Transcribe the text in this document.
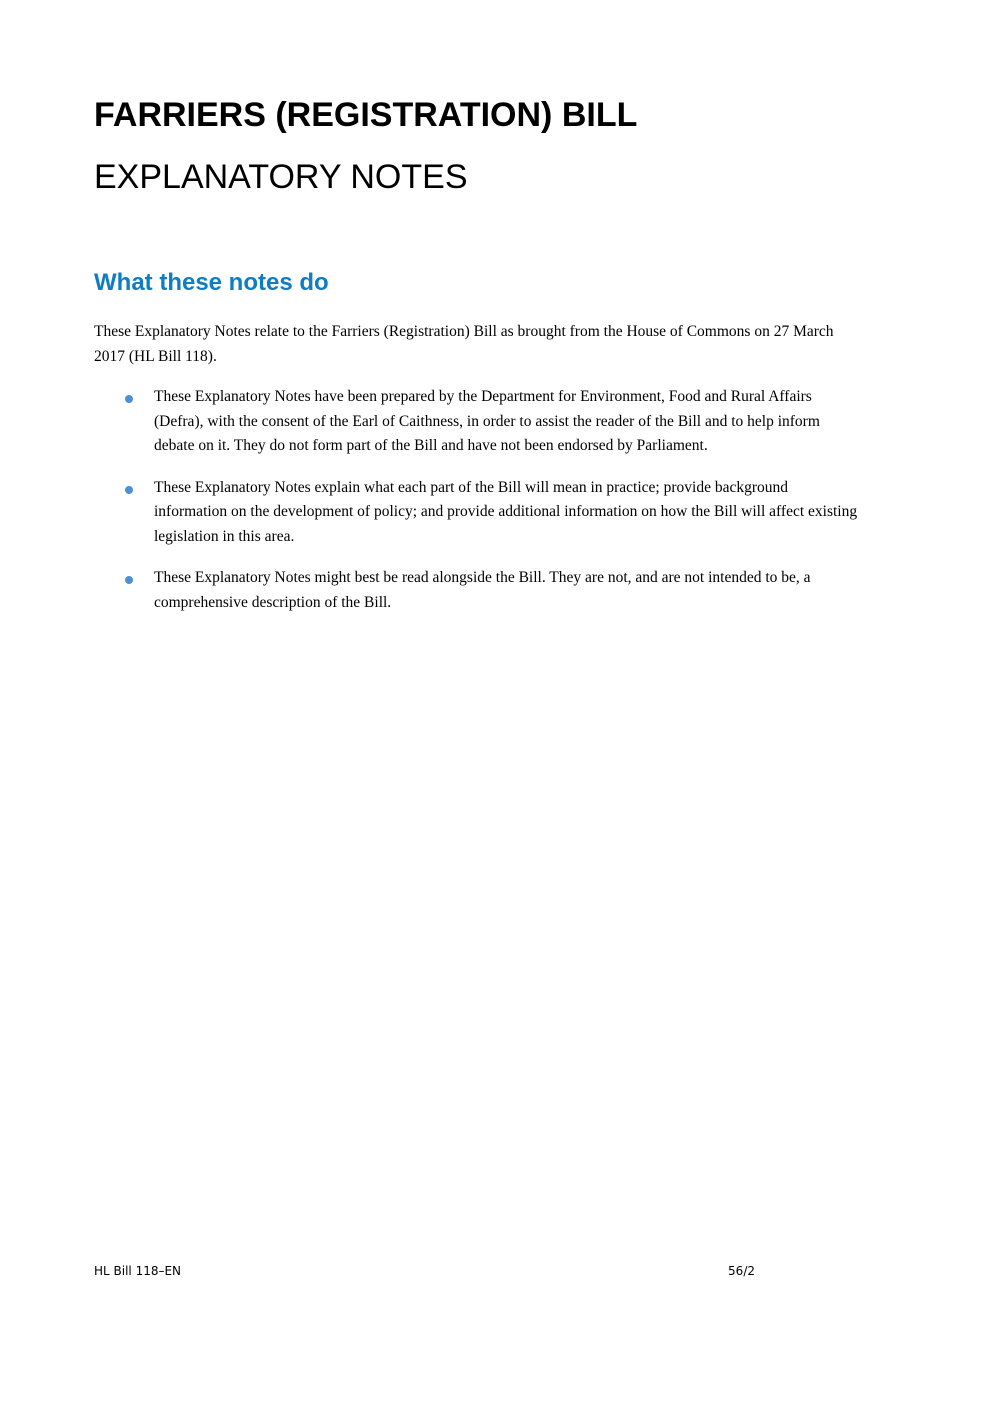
FARRIERS (REGISTRATION) BILL
EXPLANATORY NOTES
What these notes do

These Explanatory Notes relate to the Farriers (Registration) Bill as brought from the House of Commons on 27 March 2017 (HL Bill 118).

These Explanatory Notes have been prepared by the Department for Environment, Food and Rural Affairs (Defra), with the consent of the Earl of Caithness, in order to assist the reader of the Bill and to help inform debate on it. They do not form part of the Bill and have not been endorsed by Parliament.
These Explanatory Notes explain what each part of the Bill will mean in practice; provide background information on the development of policy; and provide additional information on how the Bill will affect existing legislation in this area.
These Explanatory Notes might best be read alongside the Bill. They are not, and are not intended to be, a comprehensive description of the Bill.
HL Bill 118–EN	56/2
